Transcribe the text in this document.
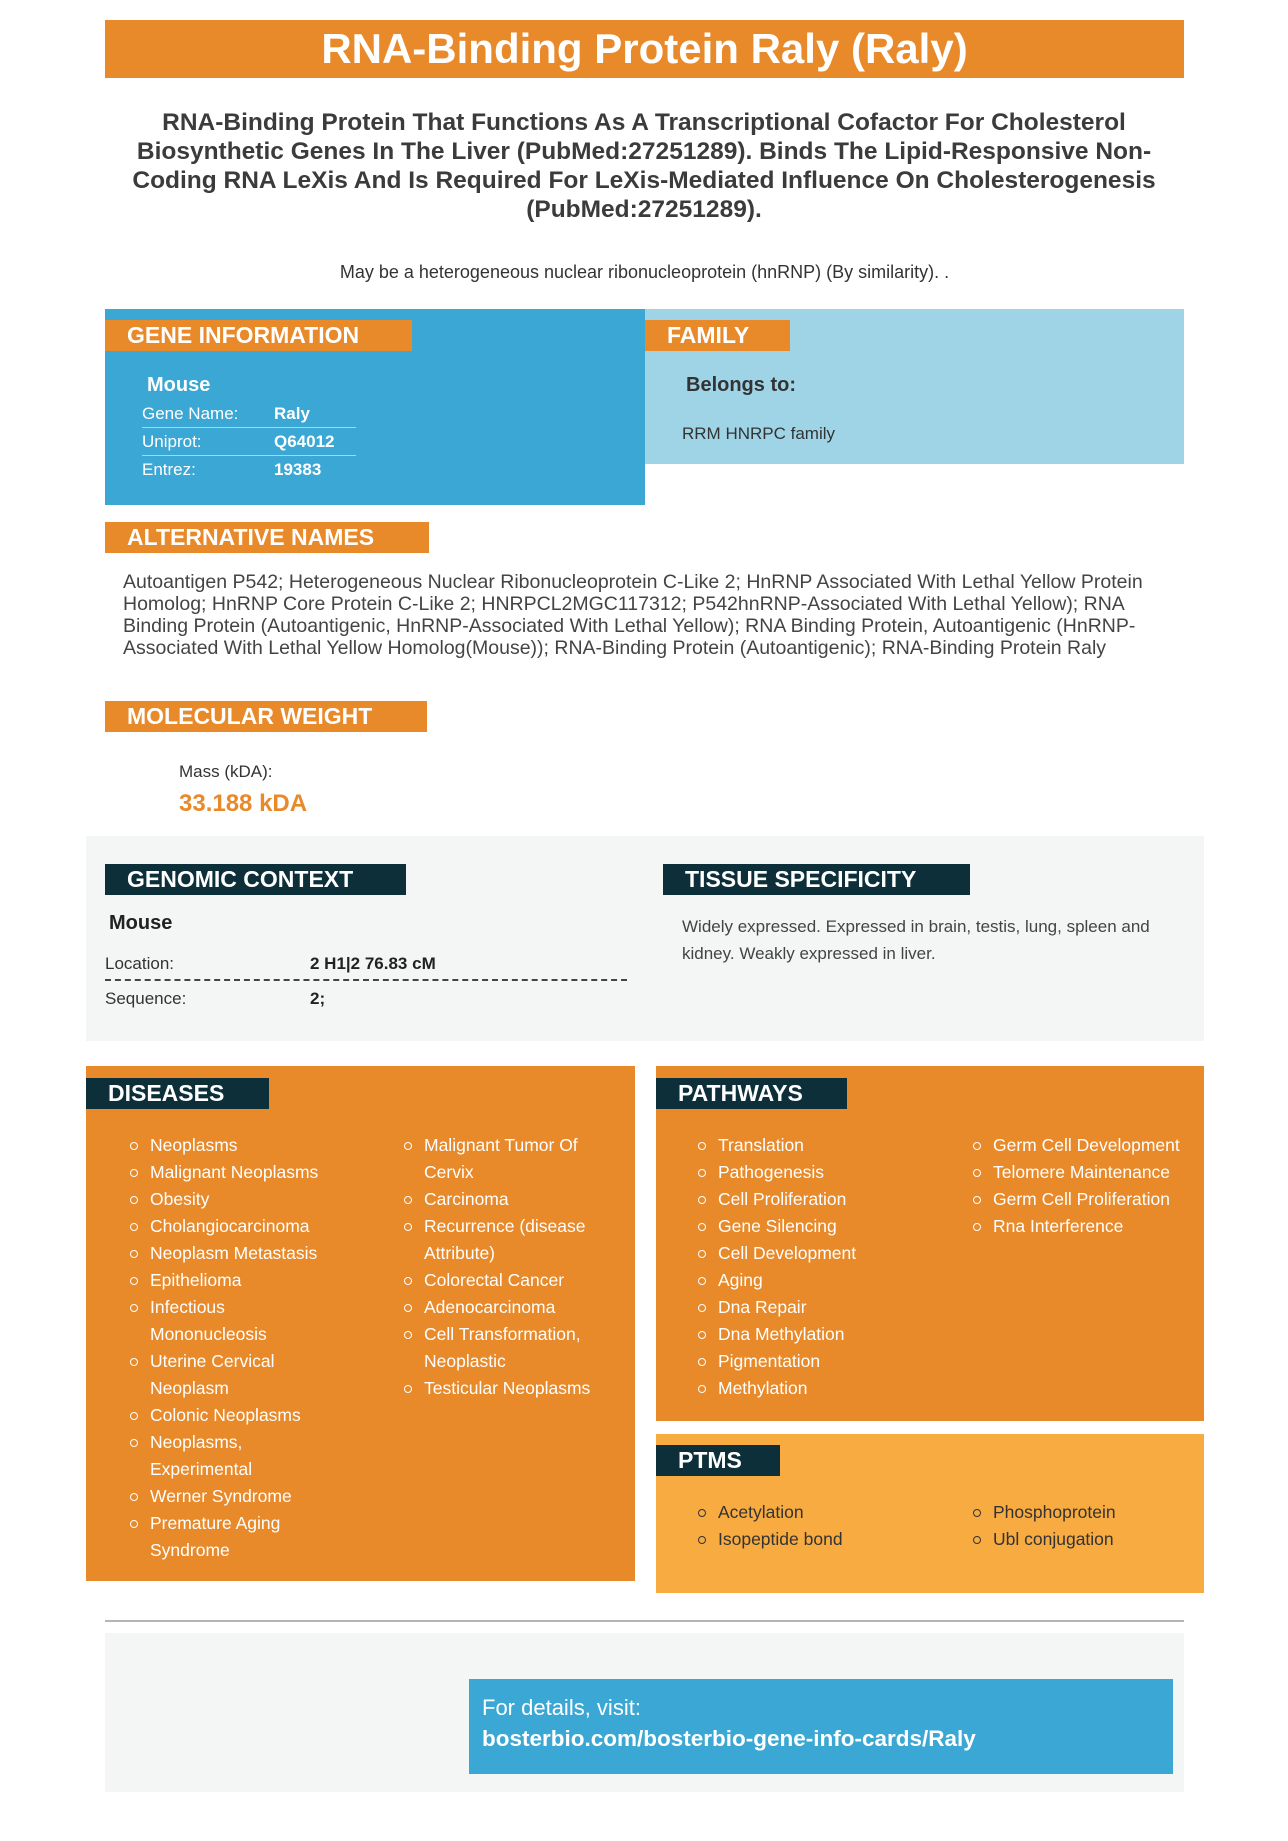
RNA-Binding Protein Raly (Raly)
RNA-Binding Protein That Functions As A Transcriptional Cofactor For Cholesterol Biosynthetic Genes In The Liver (PubMed:27251289). Binds The Lipid-Responsive Non-Coding RNA LeXis And Is Required For LeXis-Mediated Influence On Cholesterogenesis (PubMed:27251289).
May be a heterogeneous nuclear ribonucleoprotein (hnRNP) (By similarity). .
GENE INFORMATION
Mouse
Gene Name: Raly
Uniprot:	Q64012
Entrez:	19383
FAMILY
Belongs to:
RRM HNRPC family
ALTERNATIVE NAMES
Autoantigen P542; Heterogeneous Nuclear Ribonucleoprotein C-Like 2; HnRNP Associated With Lethal Yellow Protein Homolog; HnRNP Core Protein C-Like 2; HNRPCL2MGC117312; P542hnRNP-Associated With Lethal Yellow); RNA Binding Protein (Autoantigenic, HnRNP-Associated With Lethal Yellow); RNA Binding Protein, Autoantigenic (HnRNP-Associated With Lethal Yellow Homolog(Mouse)); RNA-Binding Protein (Autoantigenic); RNA-Binding Protein Raly
MOLECULAR WEIGHT
Mass (kDA):
33.188 kDA
GENOMIC CONTEXT
Mouse
Location:	2 H1|2 76.83 cM
Sequence:	2;
TISSUE SPECIFICITY
Widely expressed. Expressed in brain, testis, lung, spleen and kidney. Weakly expressed in liver.
DISEASES
Neoplasms
Malignant Neoplasms
Obesity
Cholangiocarcinoma
Neoplasm Metastasis
Epithelioma
Infectious Mononucleosis
Uterine Cervical Neoplasm
Colonic Neoplasms
Neoplasms, Experimental
Werner Syndrome
Premature Aging Syndrome
Malignant Tumor Of Cervix
Carcinoma
Recurrence (disease Attribute)
Colorectal Cancer
Adenocarcinoma
Cell Transformation, Neoplastic
Testicular Neoplasms
PATHWAYS
Translation
Pathogenesis
Cell Proliferation
Gene Silencing
Cell Development
Aging
Dna Repair
Dna Methylation
Pigmentation
Methylation
Germ Cell Development
Telomere Maintenance
Germ Cell Proliferation
Rna Interference
PTMS
Acetylation
Isopeptide bond
Phosphoprotein
Ubl conjugation
For details, visit:
bosterbio.com/bosterbio-gene-info-cards/Raly
